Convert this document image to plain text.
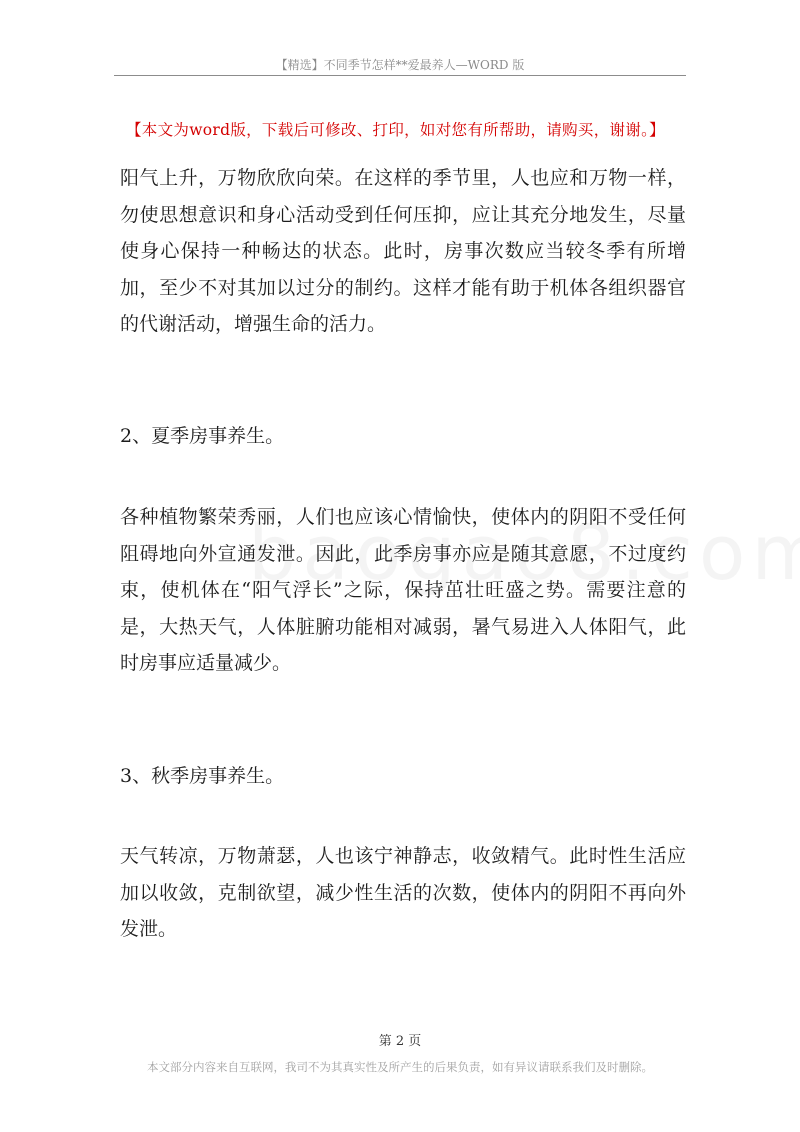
【精选】不同季节怎样**爱最养人—WORD 版
【本文为word版，下载后可修改、打印，如对您有所帮助，请购买，谢谢。】
阳气上升，万物欣欣向荣。在这样的季节里，人也应和万物一样，勿使思想意识和身心活动受到任何压抑，应让其充分地发生，尽量使身心保持一种畅达的状态。此时，房事次数应当较冬季有所增加，至少不对其加以过分的制约。这样才能有助于机体各组织器官的代谢活动，增强生命的活力。
2、夏季房事养生。
各种植物繁荣秀丽，人们也应该心情愉快，使体内的阴阳不受任何阻碍地向外宣通发泄。因此，此季房事亦应是随其意愿，不过度约束，使机体在“阳气浮长”之际，保持茁壮旺盛之势。需要注意的是，大热天气，人体脏腑功能相对减弱，暑气易进入人体阳气，此时房事应适量减少。
3、秋季房事养生。
天气转凉，万物萧瑟，人也该宁神静志，收敛精气。此时性生活应加以收敛，克制欲望，减少性生活的次数，使体内的阴阳不再向外发泄。
第 2 页
本文部分内容来自互联网，我司不为其真实性及所产生的后果负责，如有异议请联系我们及时删除。
